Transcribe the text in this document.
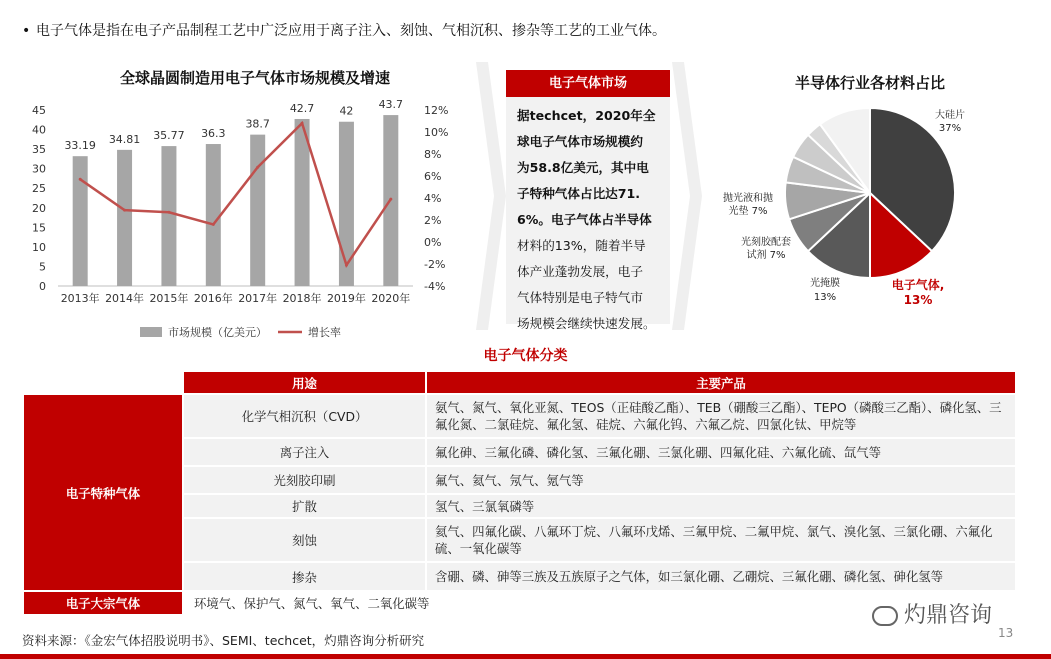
• 电子气体是指在电子产品制程工艺中广泛应用于离子注入、刻蚀、气相沉积、掺杂等工艺的工业气体。
全球晶圆制造用电子气体市场规模及增速
0
5
10
15
20
25
30
35
40
45
-4%
-2%
0%
2%
4%
6%
8%
10%
12%
33.19
2013年
34.81
2014年
35.77
2015年
36.3
2016年
38.7
2017年
42.7
2018年
42
2019年
43.7
2020年
市场规模（亿美元）	增长率
电子气体市场
据techcet，2020年全
球电子气体市场规模约
为58.8亿美元，其中电
子特种气体占比达71.
6%。电子气体占半导体
材料的13%，随着半导
体产业蓬勃发展，电子
气体特别是电子特气市
场规模会继续快速发展。
半导体行业各材料占比
大硅片
37%
电子气体,
13%
光掩膜
13%
光刻胶配套
试剂 7%
抛光液和抛
光垫 7%
电子气体分类
	用途	主要产品
电子特种气体	化学气相沉积（CVD）	氨气、氮气、氧化亚氮、TEOS（正硅酸乙酯）、TEB（硼酸三乙酯）、TEPO（磷酸三乙酯）、磷化氢、三氟化氮、二氯硅烷、氟化氢、硅烷、六氟化钨、六氟乙烷、四氯化钛、甲烷等
	离子注入	氟化砷、三氟化磷、磷化氢、三氟化硼、三氯化硼、四氟化硅、六氟化硫、氙气等
	光刻胶印刷	氟气、氦气、氖气、氪气等
	扩散	氢气、三氯氧磷等
	刻蚀	氦气、四氟化碳、八氟环丁烷、八氟环戊烯、三氟甲烷、二氟甲烷、氯气、溴化氢、三氯化硼、六氟化硫、一氧化碳等
	掺杂	含硼、磷、砷等三族及五族原子之气体，如三氯化硼、乙硼烷、三氟化硼、磷化氢、砷化氢等
电子大宗气体	环境气、保护气、氮气、氧气、二氧化碳等	
资料来源：《金宏气体招股说明书》、SEMI、techcet，灼鼎咨询分析研究
灼鼎咨询
13
